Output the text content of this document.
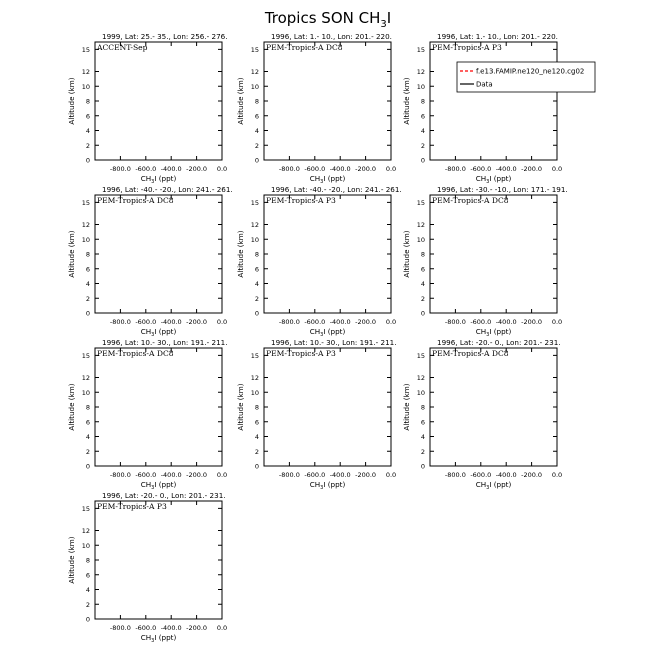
Tropics SON $CH_3I$
1999, Lat: 25.- 35., Lon: 256.- 276.
ACCENT-Sep
0
2
4
6
8
10
12
15
-800.0 -600.0 -400.0 -200.0 0.0
$CH_3I$ (ppt)
Altitude (km)
1996, Lat: 1.- 10., Lon: 201.- 220.
PEM-Tropics-A DC8
0
2
4
6
8
10
12
15
-800.0 -600.0 -400.0 -200.0 0.0
$CH_3I$ (ppt)
Altitude (km)
1996, Lat: 1.- 10., Lon: 201.- 220.
PEM-Tropics-A P3
0
2
4
6
8
10
12
15
-800.0 -600.0 -400.0 -200.0 0.0
$CH_3I$ (ppt)
Altitude (km)
1996, Lat: -40.- -20., Lon: 241.- 261.
PEM-Tropics-A DC8
0
2
4
6
8
10
12
15
-800.0 -600.0 -400.0 -200.0 0.0
$CH_3I$ (ppt)
Altitude (km)
1996, Lat: -40.- -20., Lon: 241.- 261.
PEM-Tropics-A P3
0
2
4
6
8
10
12
15
-800.0 -600.0 -400.0 -200.0 0.0
$CH_3I$ (ppt)
Altitude (km)
1996, Lat: -30.- -10., Lon: 171.- 191.
PEM-Tropics-A DC8
0
2
4
6
8
10
12
15
-800.0 -600.0 -400.0 -200.0 0.0
$CH_3I$ (ppt)
Altitude (km)
1996, Lat: 10.- 30., Lon: 191.- 211.
PEM-Tropics-A DC8
0
2
4
6
8
10
12
15
-800.0 -600.0 -400.0 -200.0 0.0
$CH_3I$ (ppt)
Altitude (km)
1996, Lat: 10.- 30., Lon: 191.- 211.
PEM-Tropics-A P3
0
2
4
6
8
10
12
15
-800.0 -600.0 -400.0 -200.0 0.0
$CH_3I$ (ppt)
Altitude (km)
1996, Lat: -20.- 0., Lon: 201.- 231.
PEM-Tropics-A DC8
0
2
4
6
8
10
12
15
-800.0 -600.0 -400.0 -200.0 0.0
$CH_3I$ (ppt)
Altitude (km)
1996, Lat: -20.- 0., Lon: 201.- 231.
PEM-Tropics-A P3
0
2
4
6
8
10
12
15
-800.0 -600.0 -400.0 -200.0 0.0
$CH_3I$ (ppt)
Altitude (km)
f.e13.FAMIP.ne120_ne120.cg02
Data
